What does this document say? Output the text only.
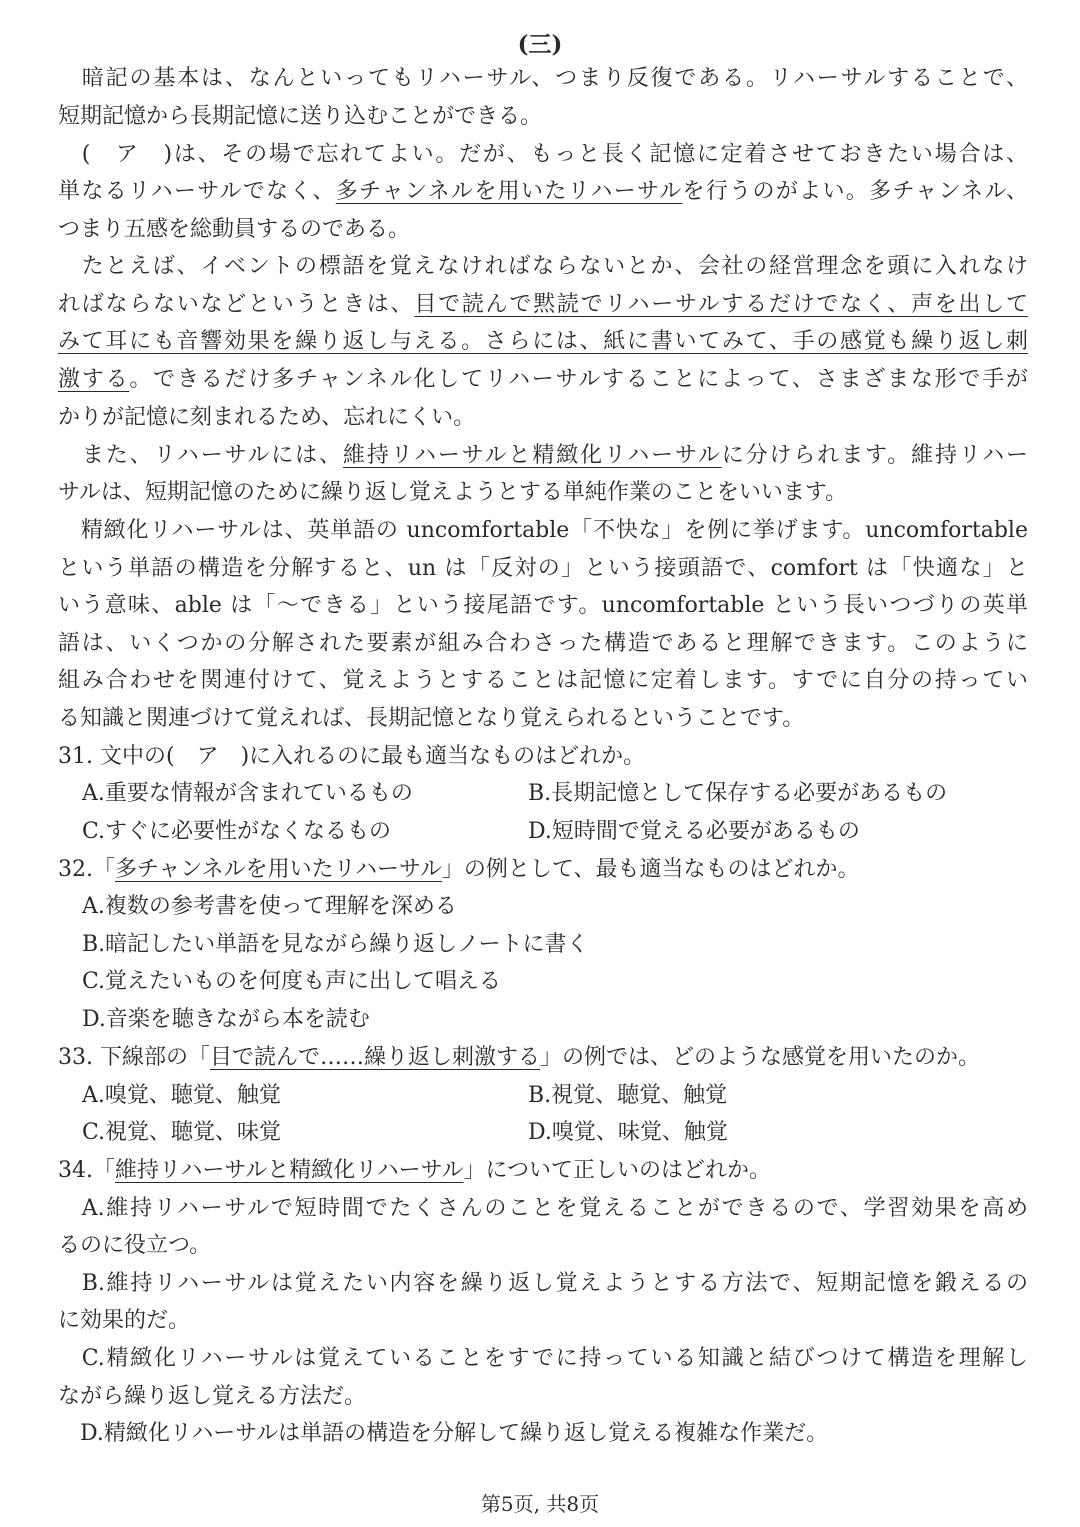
(三)
　暗記の基本は、なんといってもリハーサル、つまり反復である。リハーサルすることで、
短期記憶から長期記憶に送り込むことができる。
　(　ア　)は、その場で忘れてよい。だが、もっと長く記憶に定着させておきたい場合は、
単なるリハーサルでなく、多チャンネルを用いたリハーサルを行うのがよい。多チャンネル、
つまり五感を総動員するのである。
　たとえば、イベントの標語を覚えなければならないとか、会社の経営理念を頭に入れなけ
ればならないなどというときは、目で読んで黙読でリハーサルするだけでなく、声を出して
みて耳にも音響効果を繰り返し与える。さらには、紙に書いてみて、手の感覚も繰り返し刺
激する。できるだけ多チャンネル化してリハーサルすることによって、さまざまな形で手が
かりが記憶に刻まれるため、忘れにくい。
　また、リハーサルには、維持リハーサルと精緻化リハーサルに分けられます。維持リハー
サルは、短期記憶のために繰り返し覚えようとする単純作業のことをいいます。
　精緻化リハーサルは、英単語の uncomfortable「不快な」を例に挙げます。uncomfortable
という単語の構造を分解すると、un は「反対の」という接頭語で、comfort は「快適な」と
いう意味、able は「～できる」という接尾語です。uncomfortable という長いつづりの英単
語は、いくつかの分解された要素が組み合わさった構造であると理解できます。このように
組み合わせを関連付けて、覚えようとすることは記憶に定着します。すでに自分の持ってい
る知識と関連づけて覚えれば、長期記憶となり覚えられるということです。
31. 文中の(　ア　)に入れるのに最も適当なものはどれか。
A.重要な情報が含まれているもの	B.長期記憶として保存する必要があるもの
C.すぐに必要性がなくなるもの	D.短時間で覚える必要があるもの
32.「多チャンネルを用いたリハーサル」の例として、最も適当なものはどれか。
A.複数の参考書を使って理解を深める
B.暗記したい単語を見ながら繰り返しノートに書く
C.覚えたいものを何度も声に出して唱える
D.音楽を聴きながら本を読む
33. 下線部の「目で読んで……繰り返し刺激する」の例では、どのような感覚を用いたのか。
A.嗅覚、聴覚、触覚	B.視覚、聴覚、触覚
C.視覚、聴覚、味覚	D.嗅覚、味覚、触覚
34.「維持リハーサルと精緻化リハーサル」について正しいのはどれか。
　A.維持リハーサルで短時間でたくさんのことを覚えることができるので、学習効果を高め
るのに役立つ。
　B.維持リハーサルは覚えたい内容を繰り返し覚えようとする方法で、短期記憶を鍛えるの
に効果的だ。
　C.精緻化リハーサルは覚えていることをすでに持っている知識と結びつけて構造を理解し
ながら繰り返し覚える方法だ。
　D.精緻化リハーサルは単語の構造を分解して繰り返し覚える複雑な作業だ。
第5页, 共8页
